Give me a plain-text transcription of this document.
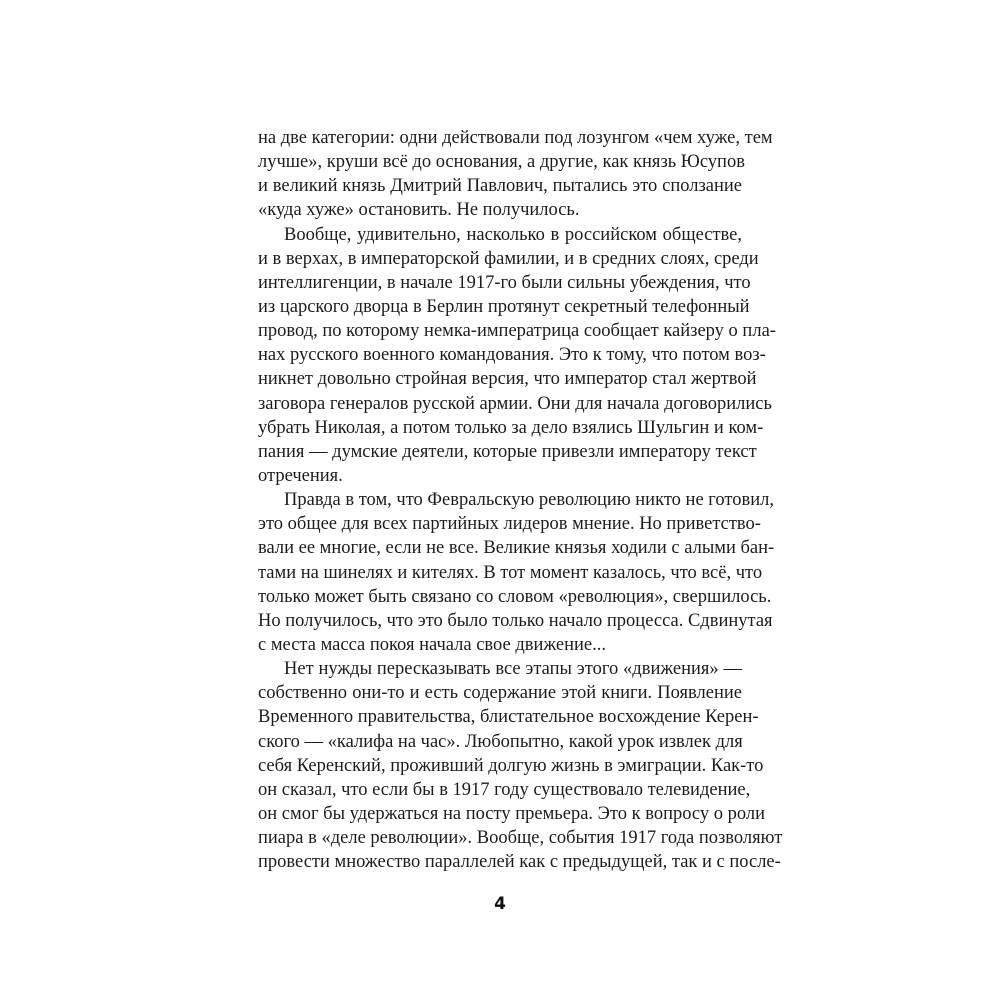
на две категории: одни действовали под лозунгом «чем хуже, тем
лучше», круши всё до основания, а другие, как князь Юсупов
и великий князь Дмитрий Павлович, пытались это сползание
«куда хуже» остановить. Не получилось.
Вообще, удивительно, насколько в российском обществе,
и в верхах, в императорской фамилии, и в средних слоях, среди
интеллигенции, в начале 1917-го были сильны убеждения, что
из царского дворца в Берлин протянут секретный телефонный
провод, по которому немка-императрица сообщает кайзеру о пла-
нах русского военного командования. Это к тому, что потом воз-
никнет довольно стройная версия, что император стал жертвой
заговора генералов русской армии. Они для начала договорились
убрать Николая, а потом только за дело взялись Шульгин и ком-
пания — думские деятели, которые привезли императору текст
отречения.
Правда в том, что Февральскую революцию никто не готовил,
это общее для всех партийных лидеров мнение. Но приветство-
вали ее многие, если не все. Великие князья ходили с алыми бан-
тами на шинелях и кителях. В тот момент казалось, что всё, что
только может быть связано со словом «революция», свершилось.
Но получилось, что это было только начало процесса. Сдвинутая
с места масса покоя начала свое движение...
Нет нужды пересказывать все этапы этого «движения» —
собственно они-то и есть содержание этой книги. Появление
Временного правительства, блистательное восхождение Керен-
ского — «калифа на час». Любопытно, какой урок извлек для
себя Керенский, проживший долгую жизнь в эмиграции. Как-то
он сказал, что если бы в 1917 году существовало телевидение,
он смог бы удержаться на посту премьера. Это к вопросу о роли
пиара в «деле революции». Вообще, события 1917 года позволяют
провести множество параллелей как с предыдущей, так и с после-
4
